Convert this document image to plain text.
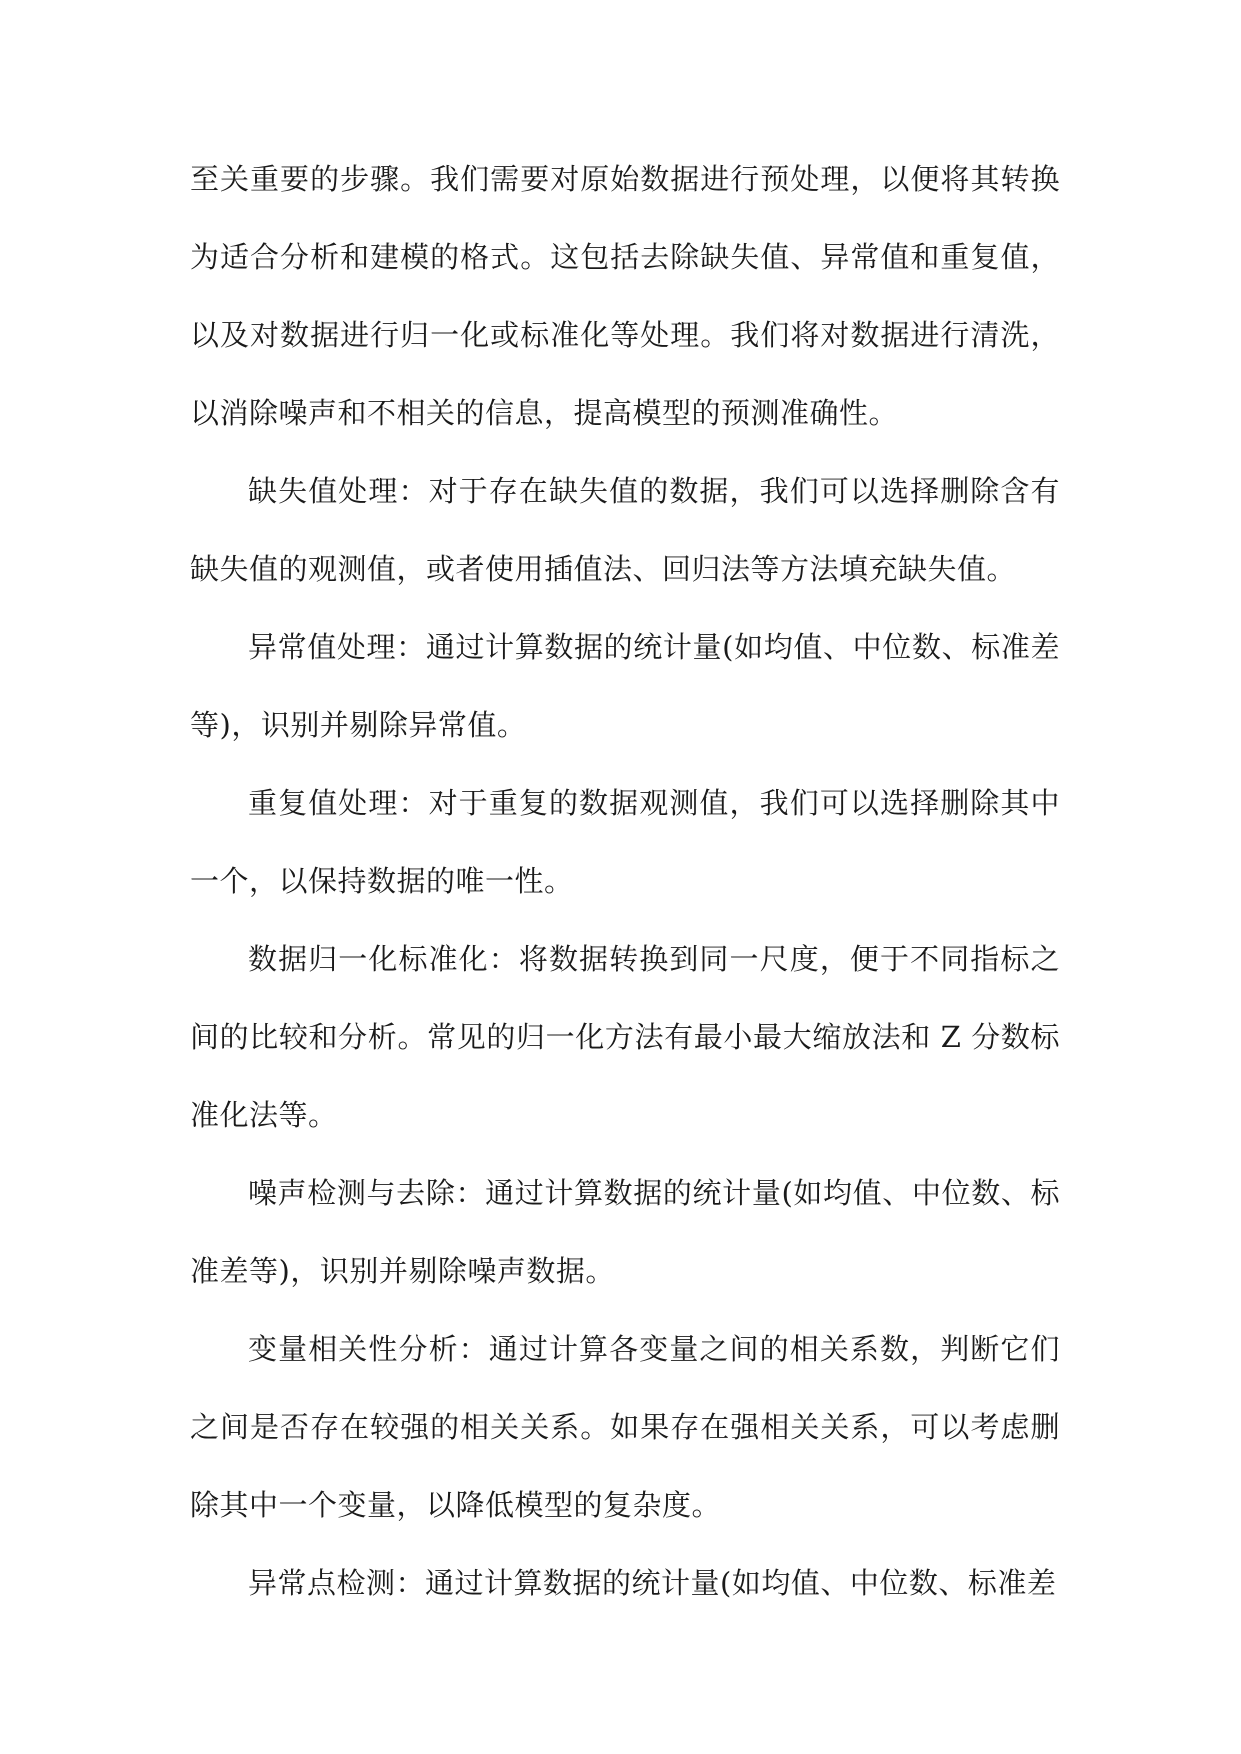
至关重要的步骤。我们需要对原始数据进行预处理，以便将其转换为适合分析和建模的格式。这包括去除缺失值、异常值和重复值，以及对数据进行归一化或标准化等处理。我们将对数据进行清洗，以消除噪声和不相关的信息，提高模型的预测准确性。

缺失值处理：对于存在缺失值的数据，我们可以选择删除含有缺失值的观测值，或者使用插值法、回归法等方法填充缺失值。

异常值处理：通过计算数据的统计量(如均值、中位数、标准差等)，识别并剔除异常值。

重复值处理：对于重复的数据观测值，我们可以选择删除其中一个，以保持数据的唯一性。

数据归一化标准化：将数据转换到同一尺度，便于不同指标之间的比较和分析。常见的归一化方法有最小最大缩放法和 Z 分数标准化法等。

噪声检测与去除：通过计算数据的统计量(如均值、中位数、标准差等)，识别并剔除噪声数据。

变量相关性分析：通过计算各变量之间的相关系数，判断它们之间是否存在较强的相关关系。如果存在强相关关系，可以考虑删除其中一个变量，以降低模型的复杂度。

异常点检测：通过计算数据的统计量(如均值、中位数、标准差
